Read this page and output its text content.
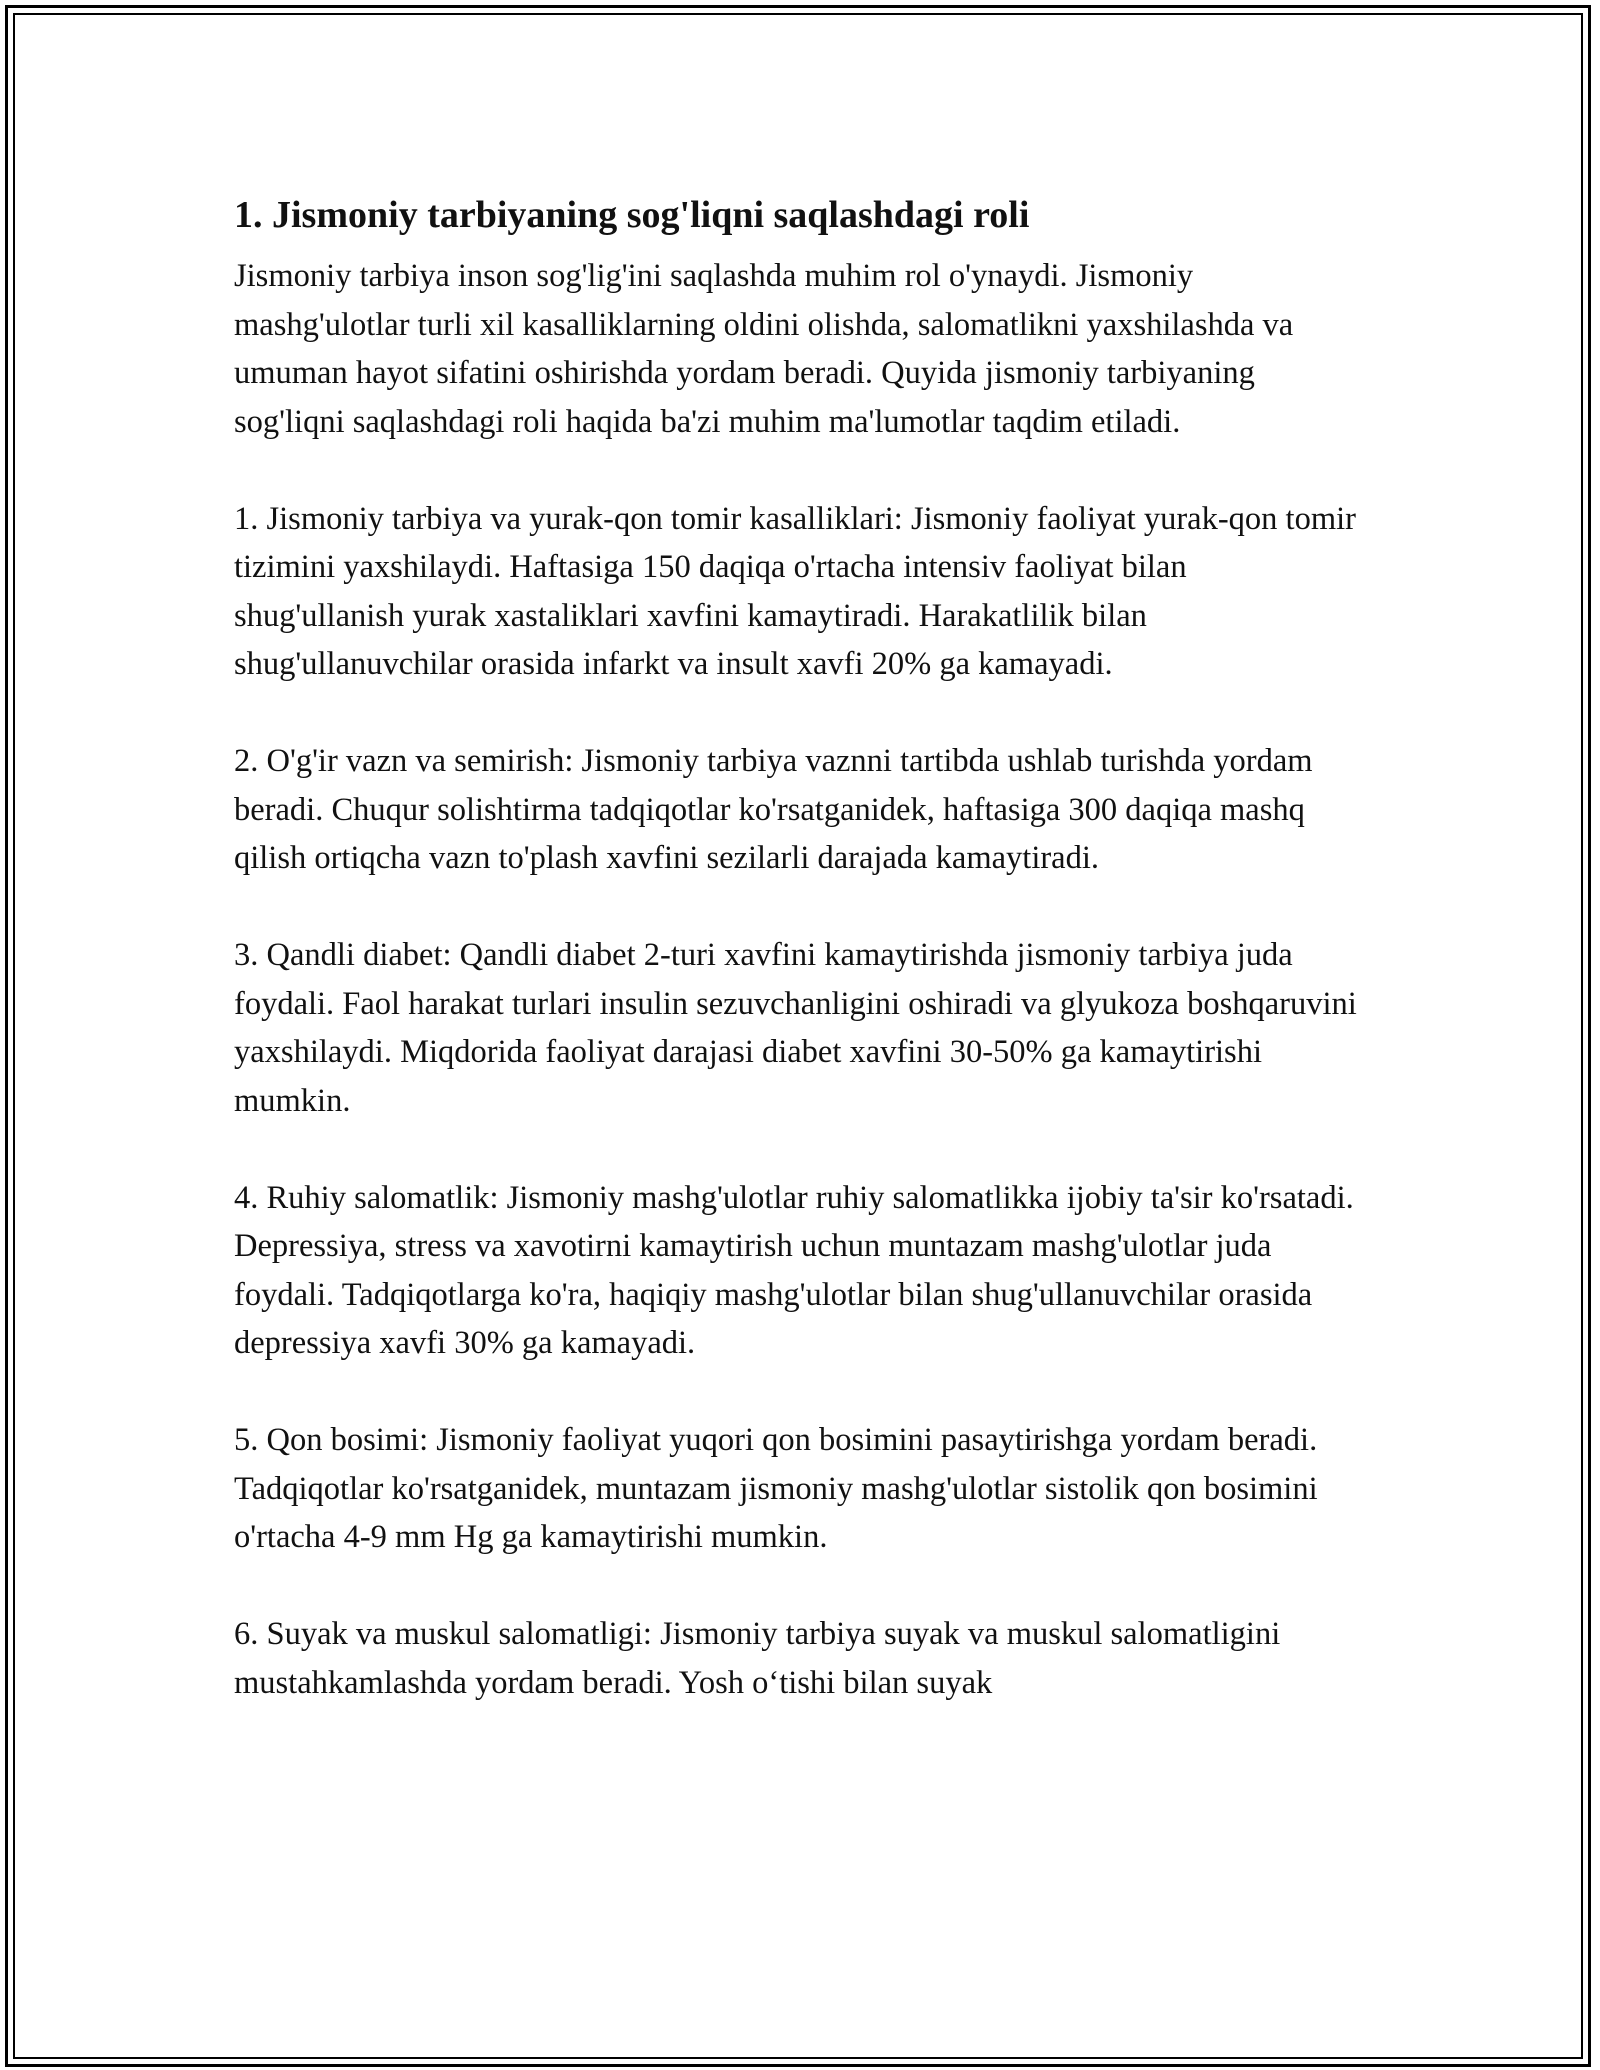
1. Jismoniy tarbiyaning sog'liqni saqlashdagi roli

Jismoniy tarbiya inson sog'lig'ini saqlashda muhim rol o'ynaydi. Jismoniy mashg'ulotlar turli xil kasalliklarning oldini olishda, salomatlikni yaxshilashda va umuman hayot sifatini oshirishda yordam beradi. Quyida jismoniy tarbiyaning sog'liqni saqlashdagi roli haqida ba'zi muhim ma'lumotlar taqdim etiladi.

1. Jismoniy tarbiya va yurak-qon tomir kasalliklari: Jismoniy faoliyat yurak-qon tomir tizimini yaxshilaydi. Haftasiga 150 daqiqa o'rtacha intensiv faoliyat bilan shug'ullanish yurak xastaliklari xavfini kamaytiradi. Harakatlilik bilan shug'ullanuvchilar orasida infarkt va insult xavfi 20% ga kamayadi.

2. O'g'ir vazn va semirish: Jismoniy tarbiya vaznni tartibda ushlab turishda yordam beradi. Chuqur solishtirma tadqiqotlar ko'rsatganidek, haftasiga 300 daqiqa mashq qilish ortiqcha vazn to'plash xavfini sezilarli darajada kamaytiradi.

3. Qandli diabet: Qandli diabet 2-turi xavfini kamaytirishda jismoniy tarbiya juda foydali. Faol harakat turlari insulin sezuvchanligini oshiradi va glyukoza boshqaruvini yaxshilaydi. Miqdorida faoliyat darajasi diabet xavfini 30-50% ga kamaytirishi mumkin.

4. Ruhiy salomatlik: Jismoniy mashg'ulotlar ruhiy salomatlikka ijobiy ta'sir ko'rsatadi. Depressiya, stress va xavotirni kamaytirish uchun muntazam mashg'ulotlar juda foydali. Tadqiqotlarga ko'ra, haqiqiy mashg'ulotlar bilan shug'ullanuvchilar orasida depressiya xavfi 30% ga kamayadi.

5. Qon bosimi: Jismoniy faoliyat yuqori qon bosimini pasaytirishga yordam beradi. Tadqiqotlar ko'rsatganidek, muntazam jismoniy mashg'ulotlar sistolik qon bosimini o'rtacha 4-9 mm Hg ga kamaytirishi mumkin.

6. Suyak va muskul salomatligi: Jismoniy tarbiya suyak va muskul salomatligini mustahkamlashda yordam beradi. Yosh oʻtishi bilan suyak
